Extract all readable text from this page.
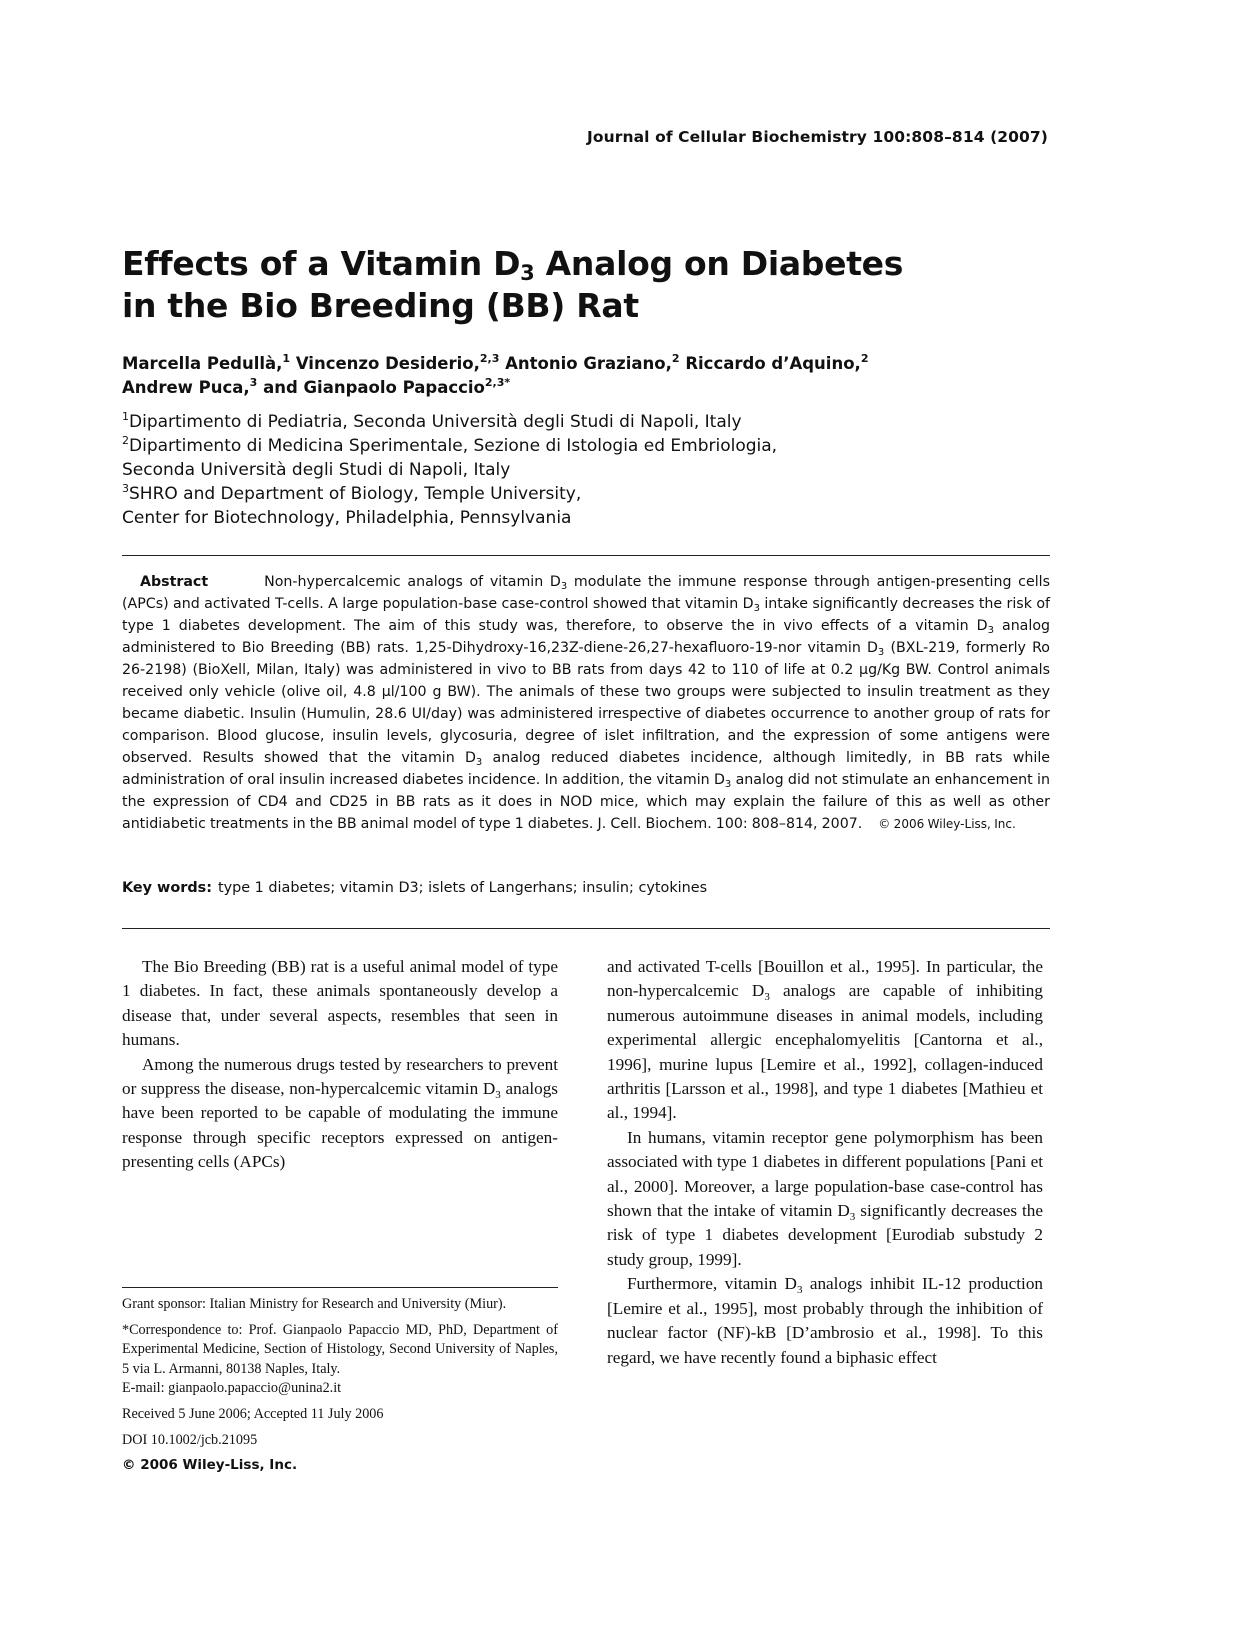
Journal of Cellular Biochemistry 100:808–814 (2007)
Effects of a Vitamin $D_3$ Analog on Diabetes
in the Bio Breeding (BB) Rat
Marcella Pedullà,$^1$ Vincenzo Desiderio,$^{2,3}$ Antonio Graziano,$^2$ Riccardo d’Aquino,$^2$
Andrew Puca,$^3$ and Gianpaolo Papaccio$^{2,3*}$
$^1$Dipartimento di Pediatria, Seconda Università degli Studi di Napoli, Italy
$^2$Dipartimento di Medicina Sperimentale, Sezione di Istologia ed Embriologia,
Seconda Università degli Studi di Napoli, Italy
$^3$SHRO and Department of Biology, Temple University,
Center for Biotechnology, Philadelphia, Pennsylvania
Abstract	Non-hypercalcemic analogs of vitamin $D_3$ modulate the immune response through antigen-presenting cells (APCs) and activated T-cells. A large population-base case-control showed that vitamin $D_3$ intake significantly decreases the risk of type 1 diabetes development. The aim of this study was, therefore, to observe the in vivo effects of a vitamin $D_3$ analog administered to Bio Breeding (BB) rats. 1,25-Dihydroxy-16,23Z-diene-26,27-hexafluoro-19-nor vitamin $D_3$ (BXL-219, formerly Ro 26-2198) (BioXell, Milan, Italy) was administered in vivo to BB rats from days 42 to 110 of life at 0.2 µg/Kg BW. Control animals received only vehicle (olive oil, 4.8 µl/100 g BW). The animals of these two groups were subjected to insulin treatment as they became diabetic. Insulin (Humulin, 28.6 UI/day) was administered irrespective of diabetes occurrence to another group of rats for comparison. Blood glucose, insulin levels, glycosuria, degree of islet infiltration, and the expression of some antigens were observed. Results showed that the vitamin $D_3$ analog reduced diabetes incidence, although limitedly, in BB rats while administration of oral insulin increased diabetes incidence. In addition, the vitamin $D_3$ analog did not stimulate an enhancement in the expression of CD4 and CD25 in BB rats as it does in NOD mice, which may explain the failure of this as well as other antidiabetic treatments in the BB animal model of type 1 diabetes. J. Cell. Biochem. 100: 808–814, 2007. © 2006 Wiley-Liss, Inc.
Key words: type 1 diabetes; vitamin D3; islets of Langerhans; insulin; cytokines

The Bio Breeding (BB) rat is a useful animal model of type 1 diabetes. In fact, these animals spontaneously develop a disease that, under several aspects, resembles that seen in humans.

Among the numerous drugs tested by researchers to prevent or suppress the disease, non-hypercalcemic vitamin $D_3$ analogs have been reported to be capable of modulating the immune response through specific receptors expressed on antigen-presenting cells (APCs)

and activated T-cells [Bouillon et al., 1995]. In particular, the non-hypercalcemic $D_3$ analogs are capable of inhibiting numerous autoimmune diseases in animal models, including experimental allergic encephalomyelitis [Cantorna et al., 1996], murine lupus [Lemire et al., 1992], collagen-induced arthritis [Larsson et al., 1998], and type 1 diabetes [Mathieu et al., 1994].

In humans, vitamin receptor gene polymorphism has been associated with type 1 diabetes in different populations [Pani et al., 2000]. Moreover, a large population-base case-control has shown that the intake of vitamin $D_3$ significantly decreases the risk of type 1 diabetes development [Eurodiab substudy 2 study group, 1999].

Furthermore, vitamin $D_3$ analogs inhibit IL-12 production [Lemire et al., 1995], most probably through the inhibition of nuclear factor (NF)-kB [D’ambrosio et al., 1998]. To this regard, we have recently found a biphasic effect

Grant sponsor: Italian Ministry for Research and University (Miur).
*Correspondence to: Prof. Gianpaolo Papaccio MD, PhD, Department of Experimental Medicine, Section of Histology, Second University of Naples, 5 via L. Armanni, 80138 Naples, Italy.
E-mail: gianpaolo.papaccio@unina2.it
Received 5 June 2006; Accepted 11 July 2006
DOI 10.1002/jcb.21095
© 2006 Wiley-Liss, Inc.
